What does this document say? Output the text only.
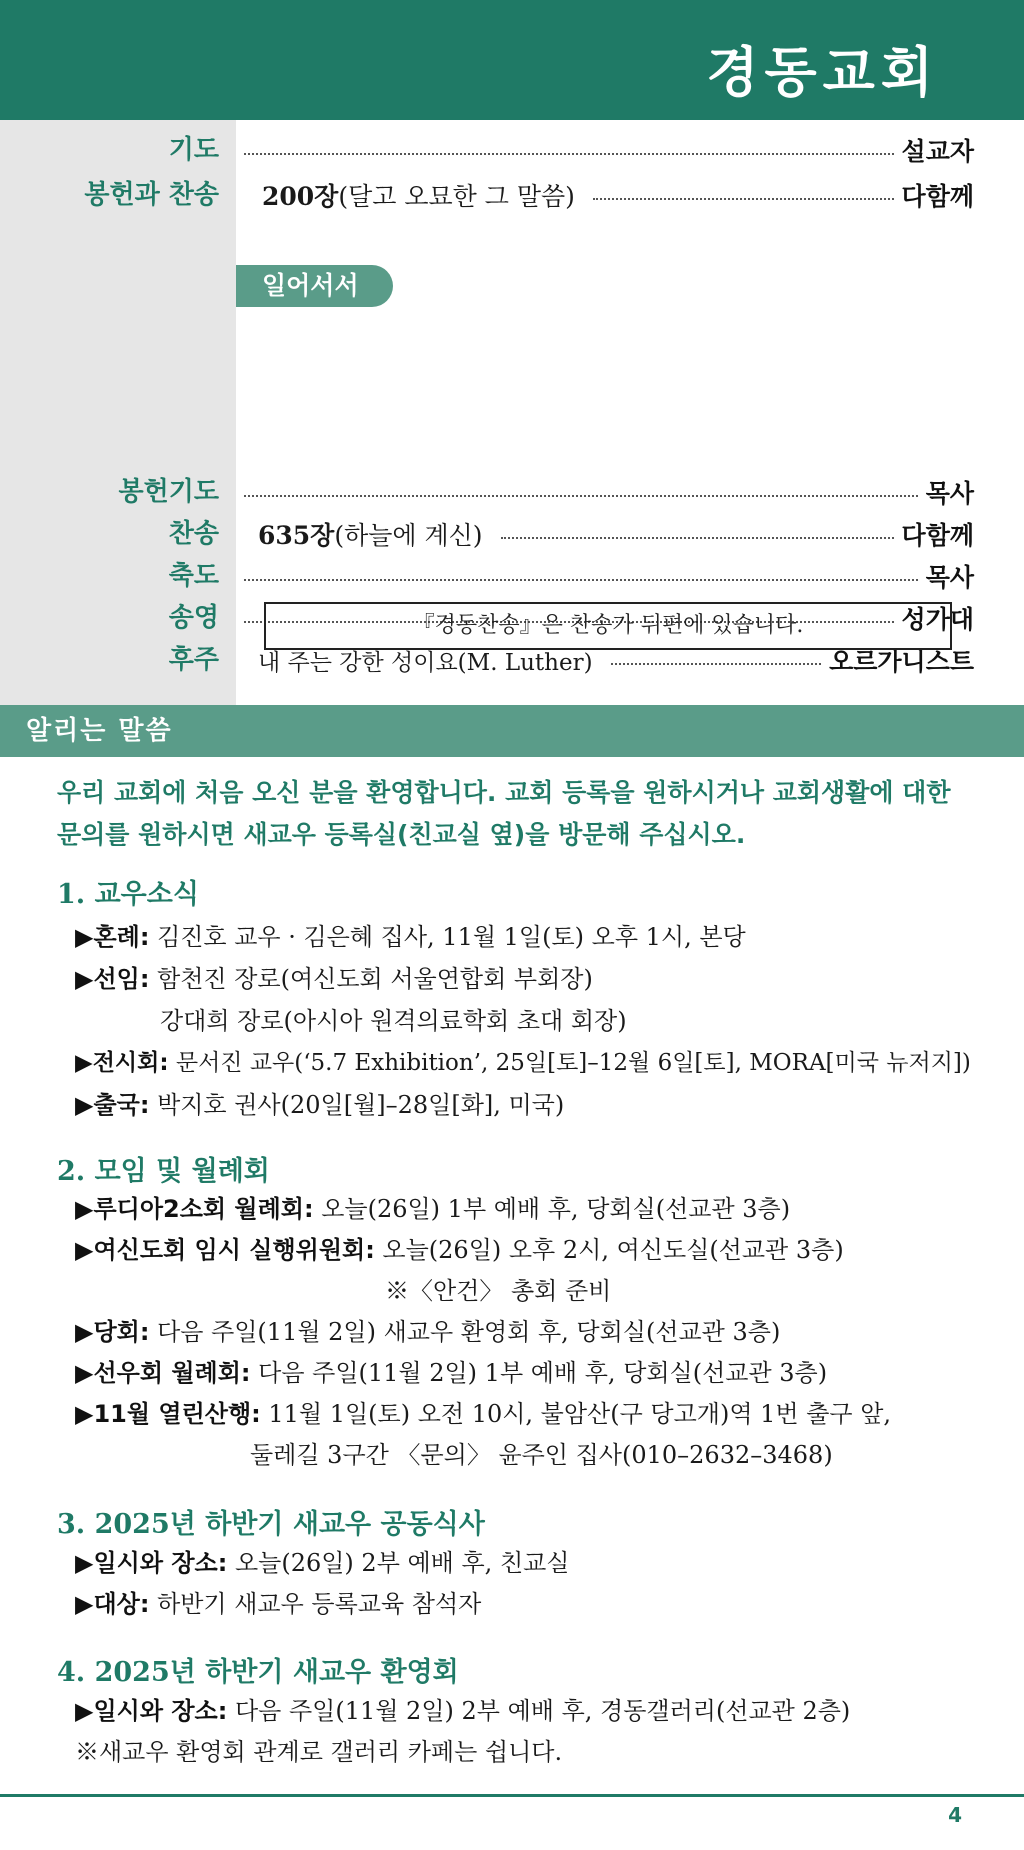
경동교회
기도	설교자
봉헌과 찬송 200장(달고 오묘한 그 말씀)	다함께
봉헌기도	목사
찬송 635장(하늘에 계신)	다함께
축도	목사
송영	성가대
후주 내 주는 강한 성이요(M. Luther)	오르가니스트
일어서서
『경동찬송』은 찬송가 뒤편에 있습니다.
알리는 말씀

우리 교회에 처음 오신 분을 환영합니다. 교회 등록을 원하시거나 교회생활에 대한
문의를 원하시면 새교우 등록실(친교실 옆)을 방문해 주십시오.

1. 교우소식
▶혼례: 김진호 교우 · 김은혜 집사, 11월 1일(토) 오후 1시, 본당
▶선임: 함천진 장로(여신도회 서울연합회 부회장)
강대희 장로(아시아 원격의료학회 초대 회장)
▶전시회: 문서진 교우(‘5.7 Exhibition’, 25일[토]–12월 6일[토], MORA[미국 뉴저지])
▶출국: 박지호 권사(20일[월]–28일[화], 미국)
2. 모임 및 월례회
▶루디아2소회 월례회: 오늘(26일) 1부 예배 후, 당회실(선교관 3층)
▶여신도회 임시 실행위원회: 오늘(26일) 오후 2시, 여신도실(선교관 3층)
※〈안건〉 총회 준비
▶당회: 다음 주일(11월 2일) 새교우 환영회 후, 당회실(선교관 3층)
▶선우회 월례회: 다음 주일(11월 2일) 1부 예배 후, 당회실(선교관 3층)
▶11월 열린산행: 11월 1일(토) 오전 10시, 불암산(구 당고개)역 1번 출구 앞,
둘레길 3구간 〈문의〉 윤주인 집사(010–2632–3468)
3. 2025년 하반기 새교우 공동식사
▶일시와 장소: 오늘(26일) 2부 예배 후, 친교실
▶대상: 하반기 새교우 등록교육 참석자
4. 2025년 하반기 새교우 환영회
▶일시와 장소: 다음 주일(11월 2일) 2부 예배 후, 경동갤러리(선교관 2층)
※새교우 환영회 관계로 갤러리 카페는 쉽니다.
4
